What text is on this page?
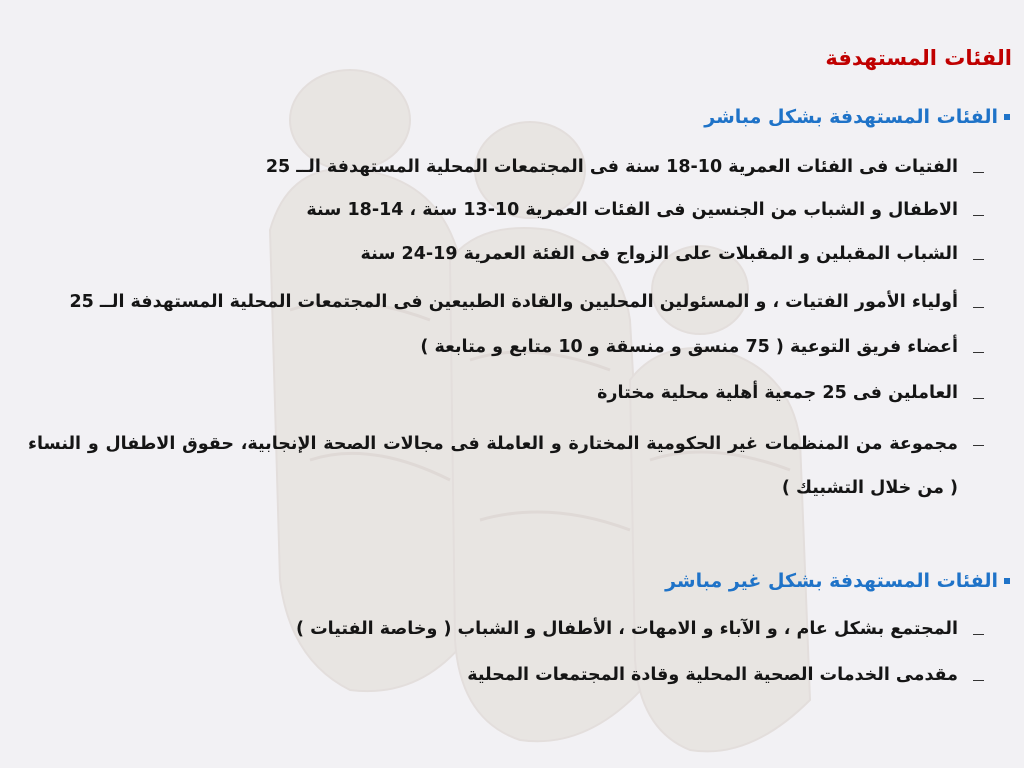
الفئات المستهدفة
الفئات المستهدفة بشكل مباشر
الفتيات فى الفئات العمرية 10-18 سنة فى المجتمعات المحلية المستهدفة الــ 25
الاطفال و الشباب من الجنسين فى الفئات العمرية 10-13 سنة ، 14-18 سنة
الشباب المقبلين و المقبلات على الزواج فى الفئة العمرية 19-24 سنة
أولياء الأمور الفتيات ، و المسئولين المحليين والقادة الطبيعين فى المجتمعات المحلية المستهدفة الــ 25
أعضاء فريق التوعية ( 75 منسق و منسقة و 10 متابع و متابعة )
العاملين فى 25 جمعية أهلية محلية مختارة
مجموعة من المنظمات غير الحكومية المختارة و العاملة فى مجالات الصحة الإنجابية، حقوق الاطفال و النساء ( من خلال التشبيك )
الفئات المستهدفة بشكل غير مباشر
المجتمع بشكل عام ، و الآباء و الامهات ، الأطفال و الشباب ( وخاصة الفتيات )
مقدمى الخدمات الصحية المحلية وقادة المجتمعات المحلية
